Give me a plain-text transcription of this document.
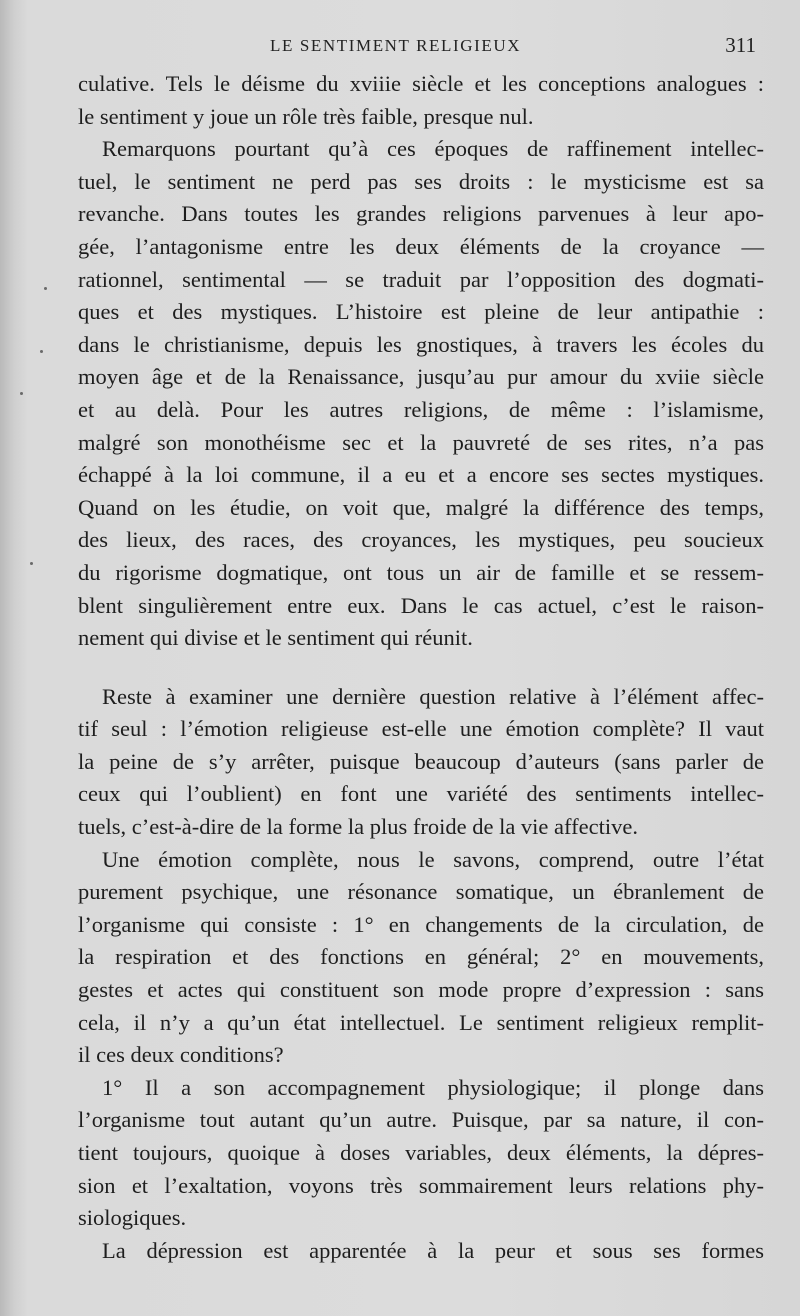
LE SENTIMENT RELIGIEUX	311
culative. Tels le déisme du xviiie siècle et les conceptions analogues :
le sentiment y joue un rôle très faible, presque nul.
Remarquons pourtant qu’à ces époques de raffinement intellec-
tuel, le sentiment ne perd pas ses droits : le mysticisme est sa
revanche. Dans toutes les grandes religions parvenues à leur apo-
gée, l’antagonisme entre les deux éléments de la croyance —
rationnel, sentimental — se traduit par l’opposition des dogmati-
ques et des mystiques. L’histoire est pleine de leur antipathie :
dans le christianisme, depuis les gnostiques, à travers les écoles du
moyen âge et de la Renaissance, jusqu’au pur amour du xviie siècle
et au delà. Pour les autres religions, de même : l’islamisme,
malgré son monothéisme sec et la pauvreté de ses rites, n’a pas
échappé à la loi commune, il a eu et a encore ses sectes mystiques.
Quand on les étudie, on voit que, malgré la différence des temps,
des lieux, des races, des croyances, les mystiques, peu soucieux
du rigorisme dogmatique, ont tous un air de famille et se ressem-
blent singulièrement entre eux. Dans le cas actuel, c’est le raison-
nement qui divise et le sentiment qui réunit.
Reste à examiner une dernière question relative à l’élément affec-
tif seul : l’émotion religieuse est-elle une émotion complète? Il vaut
la peine de s’y arrêter, puisque beaucoup d’auteurs (sans parler de
ceux qui l’oublient) en font une variété des sentiments intellec-
tuels, c’est-à-dire de la forme la plus froide de la vie affective.
Une émotion complète, nous le savons, comprend, outre l’état
purement psychique, une résonance somatique, un ébranlement de
l’organisme qui consiste : 1° en changements de la circulation, de
la respiration et des fonctions en général; 2° en mouvements,
gestes et actes qui constituent son mode propre d’expression : sans
cela, il n’y a qu’un état intellectuel. Le sentiment religieux remplit-
il ces deux conditions?
1° Il a son accompagnement physiologique; il plonge dans
l’organisme tout autant qu’un autre. Puisque, par sa nature, il con-
tient toujours, quoique à doses variables, deux éléments, la dépres-
sion et l’exaltation, voyons très sommairement leurs relations phy-
siologiques.
La dépression est apparentée à la peur et sous ses formes
